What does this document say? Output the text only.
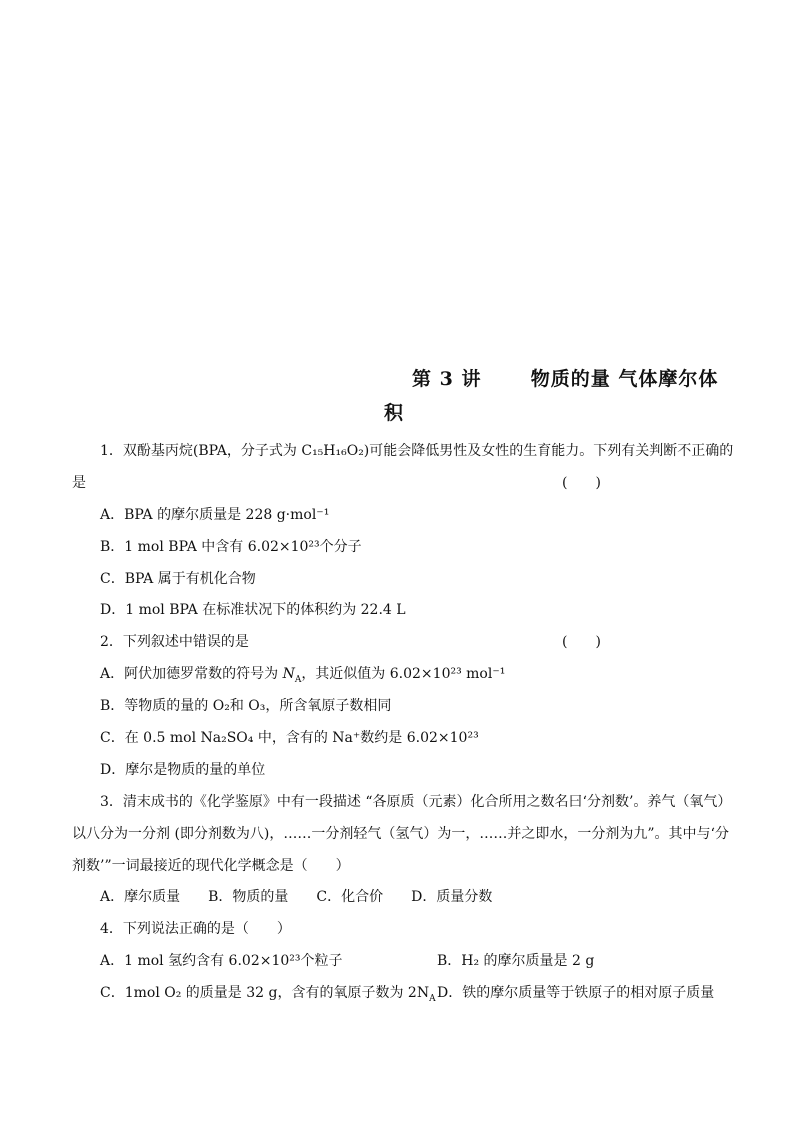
第 3 讲	物质的量 气体摩尔体
积
1．双酚基丙烷(BPA，分子式为 C₁₅H₁₆O₂)可能会降低男性及女性的生育能力。下列有关判断不正确的
是	(　　)
A．BPA 的摩尔质量是 228 g·mol⁻¹
B．1 mol BPA 中含有 6.02×10²³个分子
C．BPA 属于有机化合物
D．1 mol BPA 在标准状况下的体积约为 22.4 L
2．下列叙述中错误的是	(　　)
A．阿伏加德罗常数的符号为 $N_A$，其近似值为 6.02×10²³ mol⁻¹
B．等物质的量的 O₂和 O₃，所含氧原子数相同
C．在 0.5 mol Na₂SO₄ 中，含有的 Na⁺数约是 6.02×10²³
D．摩尔是物质的量的单位
3．清末成书的《化学鉴原》中有一段描述 “各原质（元素）化合所用之数名曰‘分剂数’。养气（氧气）
以八分为一分剂 (即分剂数为八)，……一分剂轻气（氢气）为一，……并之即水，一分剂为九”。其中与‘分
剂数’”一词最接近的现代化学概念是（　　）
A．摩尔质量　　B．物质的量　　C．化合价　　D．质量分数
4．下列说法正确的是（　　）
A．1 mol 氢约含有 6.02×10²³个粒子	B．H₂ 的摩尔质量是 2 g
C．1mol O₂ 的质量是 32 g，含有的氧原子数为 $2N_A$ D．铁的摩尔质量等于铁原子的相对原子质量
